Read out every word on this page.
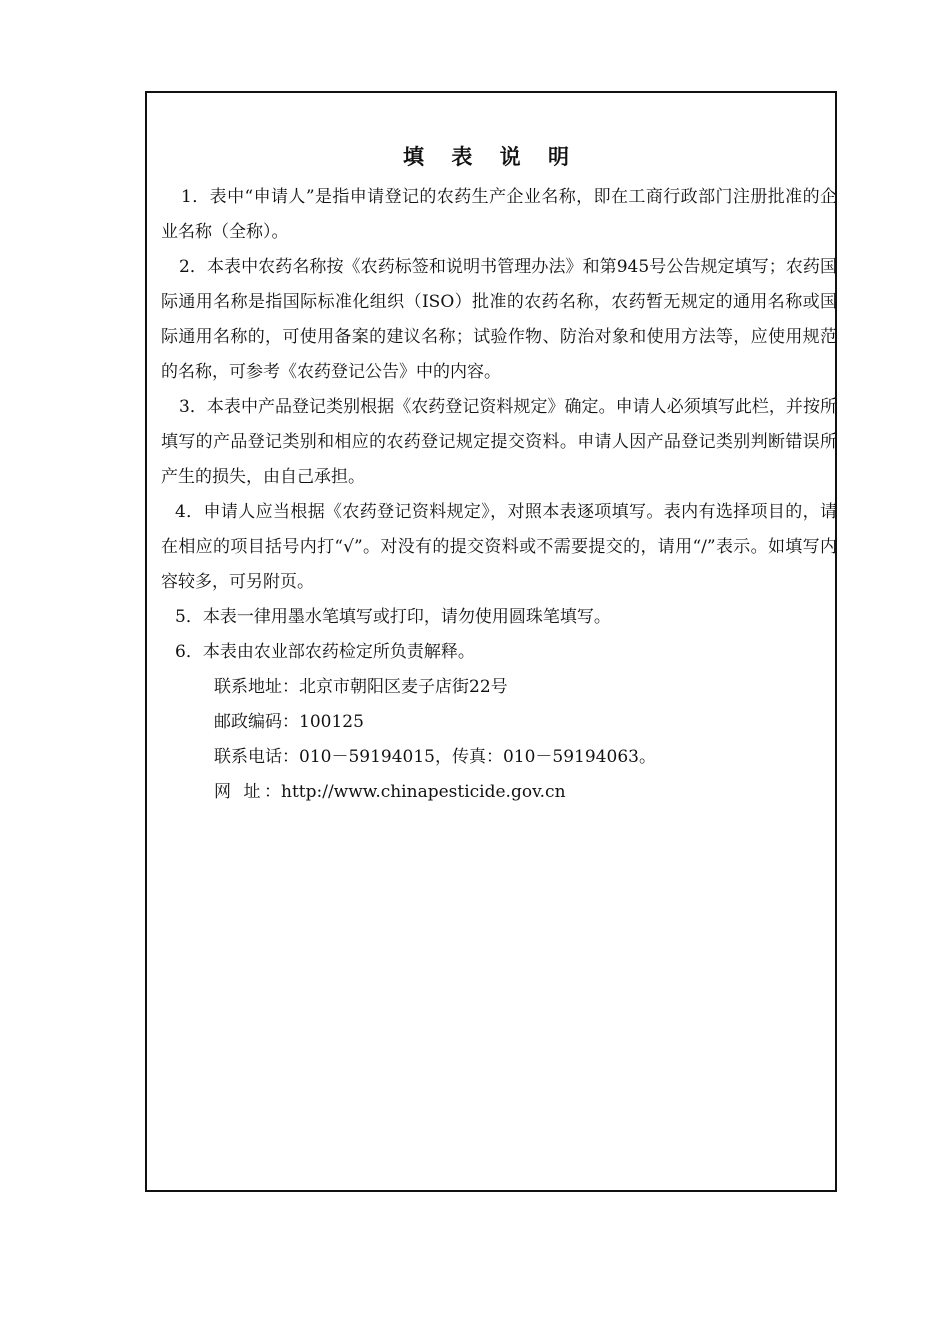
填 表 说 明

1．表中“申请人”是指申请登记的农药生产企业名称，即在工商行政部门注册批准的企业名称（全称）。

2．本表中农药名称按《农药标签和说明书管理办法》和第945号公告规定填写；农药国际通用名称是指国际标准化组织（ISO）批准的农药名称，农药暂无规定的通用名称或国际通用名称的，可使用备案的建议名称；试验作物、防治对象和使用方法等，应使用规范的名称，可参考《农药登记公告》中的内容。

3．本表中产品登记类别根据《农药登记资料规定》确定。申请人必须填写此栏，并按所填写的产品登记类别和相应的农药登记规定提交资料。申请人因产品登记类别判断错误所产生的损失，由自己承担。

4．申请人应当根据《农药登记资料规定》，对照本表逐项填写。表内有选择项目的，请在相应的项目括号内打“√”。对没有的提交资料或不需要提交的，请用“/”表示。如填写内容较多，可另附页。

5．本表一律用墨水笔填写或打印，请勿使用圆珠笔填写。

6．本表由农业部农药检定所负责解释。

联系地址：北京市朝阳区麦子店街22号

邮政编码：100125

联系电话：010－59194015，传真：010－59194063。

网 址：http://www.chinapesticide.gov.cn
